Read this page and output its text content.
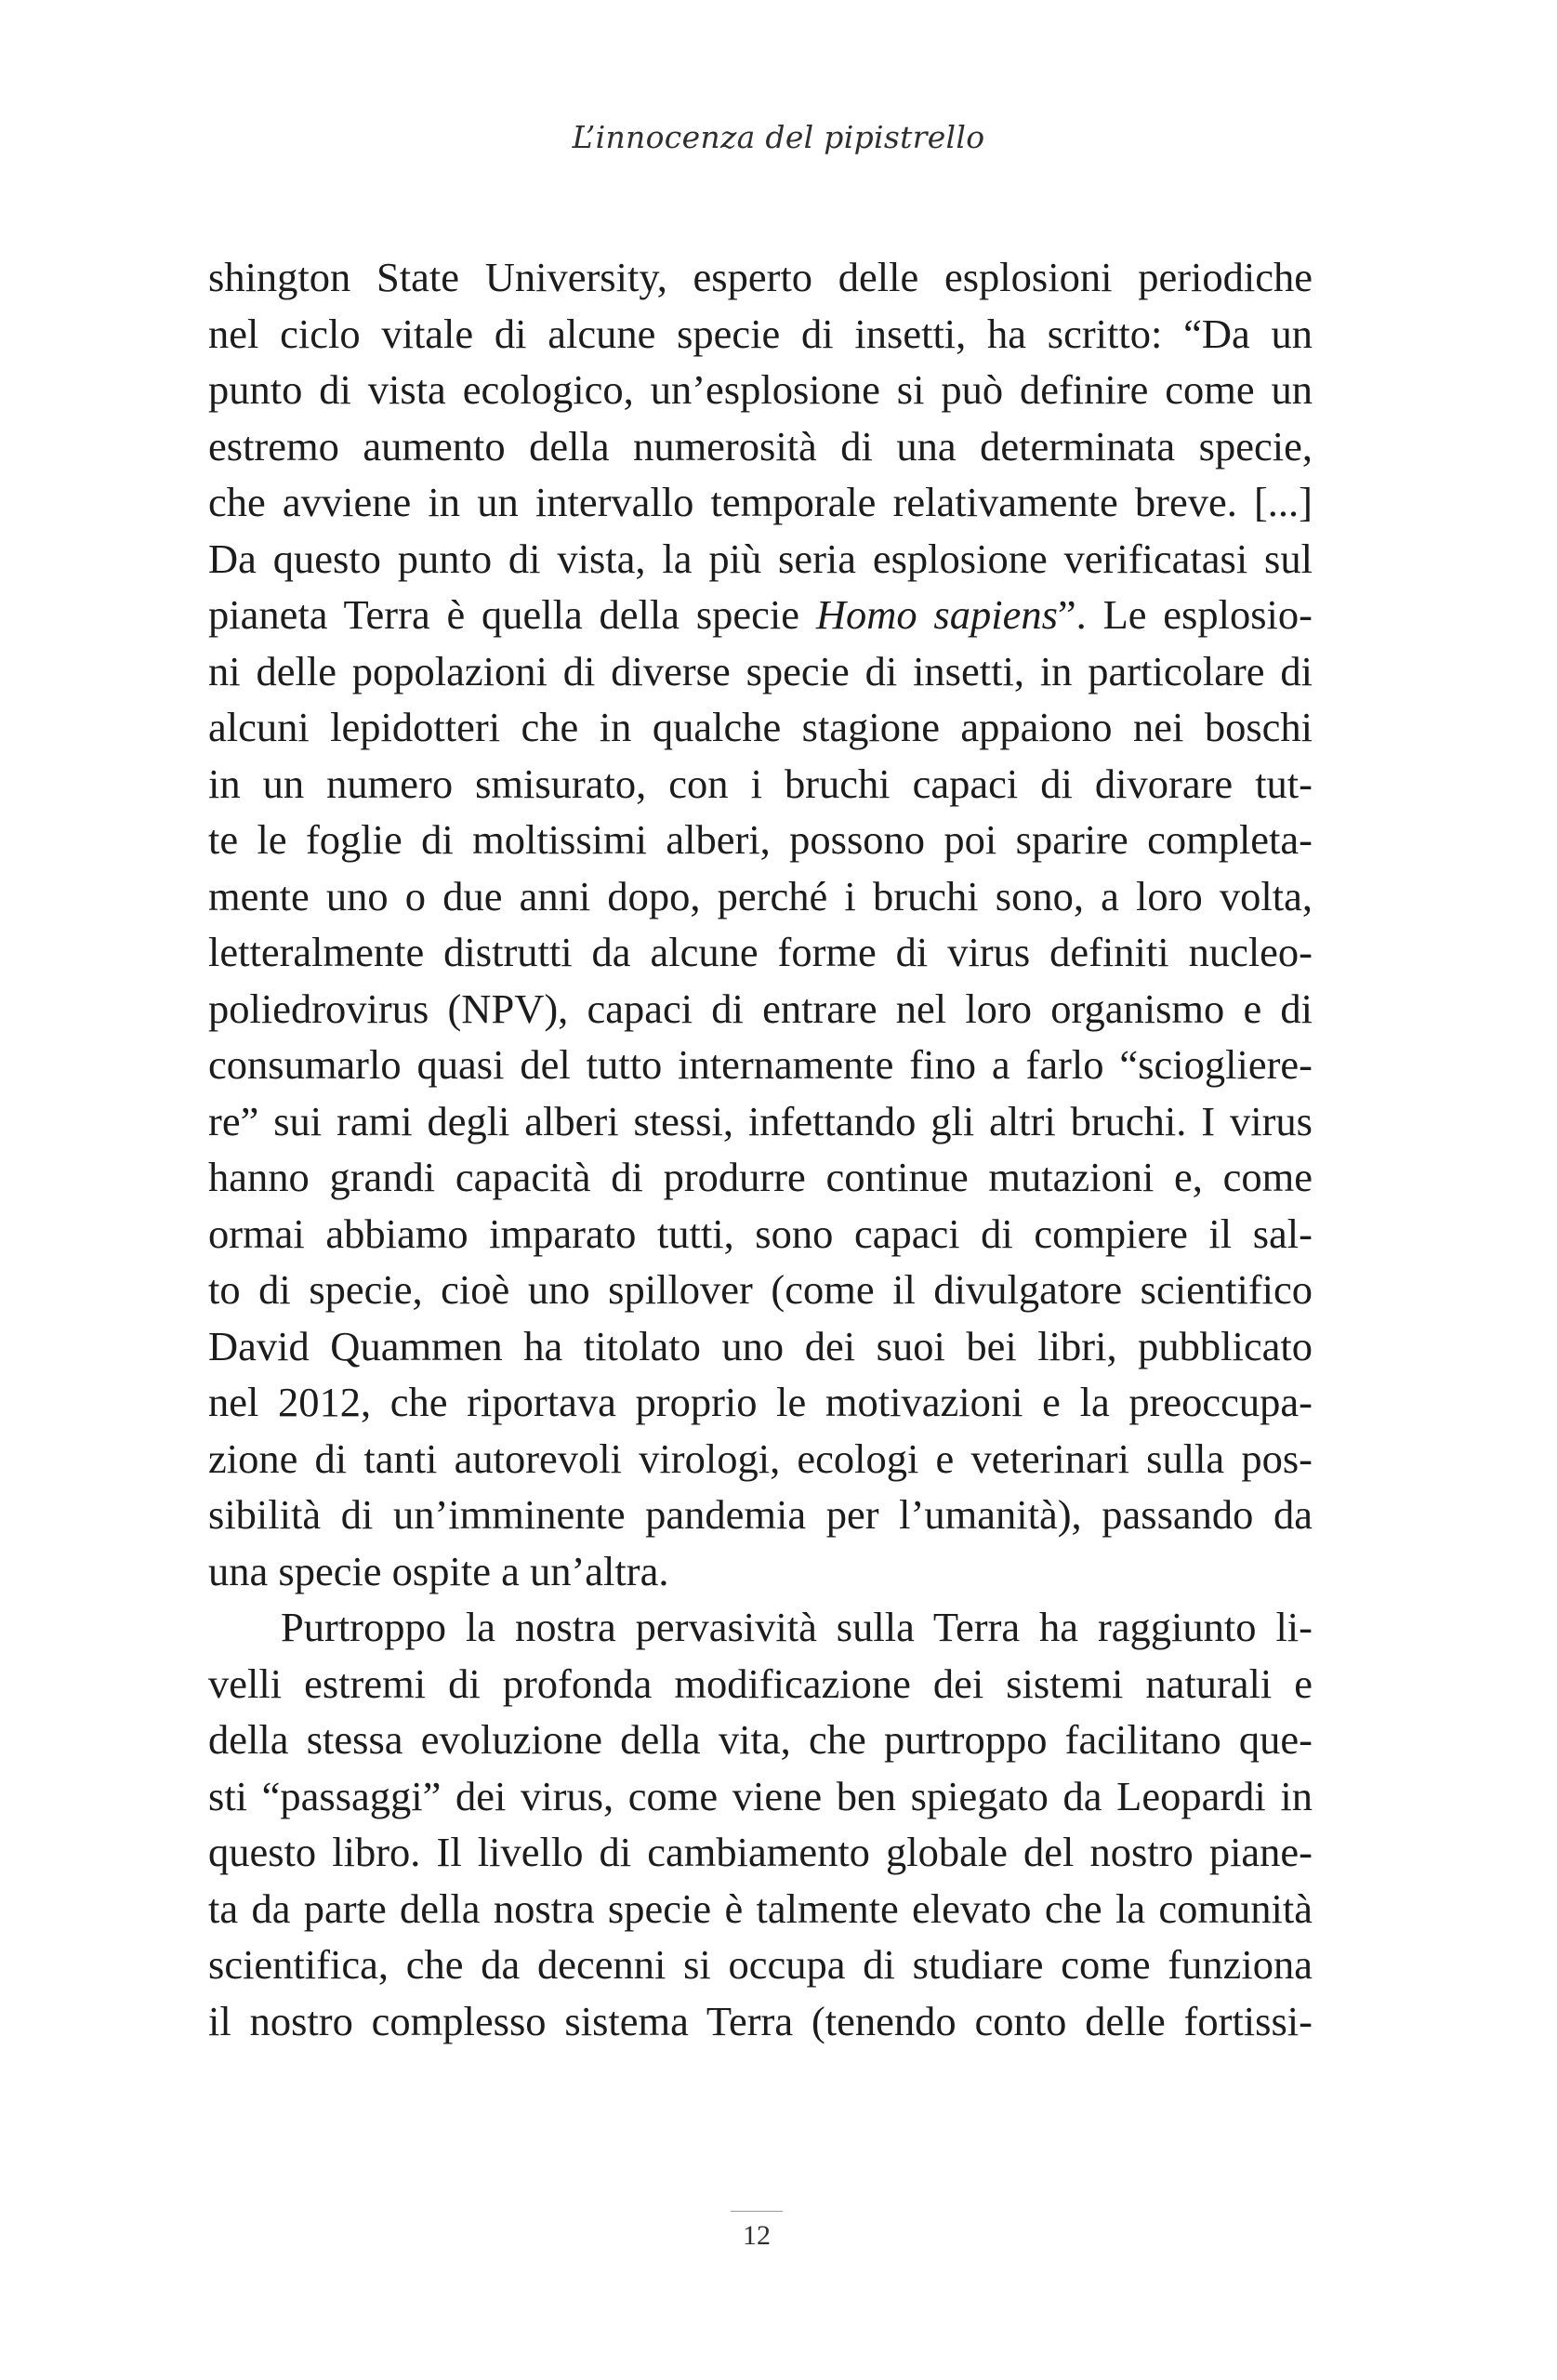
L’innocenza del pipistrello
shington State University, esperto delle esplosioni periodiche
nel ciclo vitale di alcune specie di insetti, ha scritto: “Da un
punto di vista ecologico, un’esplosione si può definire come un
estremo aumento della numerosità di una determinata specie,
che avviene in un intervallo temporale relativamente breve. [...]
Da questo punto di vista, la più seria esplosione verificatasi sul
pianeta Terra è quella della specie Homo sapiens”. Le esplosio-
ni delle popolazioni di diverse specie di insetti, in particolare di
alcuni lepidotteri che in qualche stagione appaiono nei boschi
in un numero smisurato, con i bruchi capaci di divorare tut-
te le foglie di moltissimi alberi, possono poi sparire completa-
mente uno o due anni dopo, perché i bruchi sono, a loro volta,
letteralmente distrutti da alcune forme di virus definiti nucleo-
poliedrovirus (NPV), capaci di entrare nel loro organismo e di
consumarlo quasi del tutto internamente fino a farlo “sciogliere-
re” sui rami degli alberi stessi, infettando gli altri bruchi. I virus
hanno grandi capacità di produrre continue mutazioni e, come
ormai abbiamo imparato tutti, sono capaci di compiere il sal-
to di specie, cioè uno spillover (come il divulgatore scientifico
David Quammen ha titolato uno dei suoi bei libri, pubblicato
nel 2012, che riportava proprio le motivazioni e la preoccupa-
zione di tanti autorevoli virologi, ecologi e veterinari sulla pos-
sibilità di un’imminente pandemia per l’umanità), passando da
una specie ospite a un’altra.
Purtroppo la nostra pervasività sulla Terra ha raggiunto li-
velli estremi di profonda modificazione dei sistemi naturali e
della stessa evoluzione della vita, che purtroppo facilitano que-
sti “passaggi” dei virus, come viene ben spiegato da Leopardi in
questo libro. Il livello di cambiamento globale del nostro piane-
ta da parte della nostra specie è talmente elevato che la comunità
scientifica, che da decenni si occupa di studiare come funziona
il nostro complesso sistema Terra (tenendo conto delle fortissi-
12
